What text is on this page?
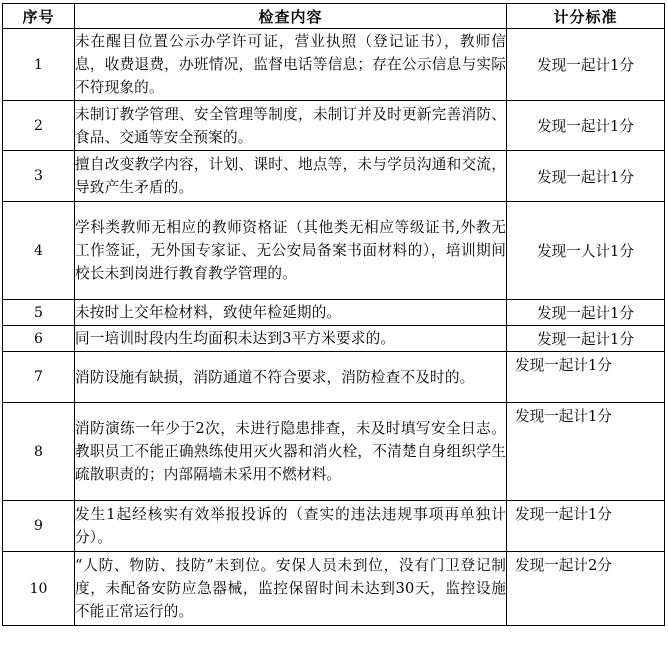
序号	检查内容	计分标准
1	未在醒目位置公示办学许可证，营业执照（登记证书），教师信息，收费退费，办班情况，监督电话等信息；存在公示信息与实际不符现象的。	发现一起计1分
2	未制订教学管理、安全管理等制度，未制订并及时更新完善消防、食品、交通等安全预案的。	发现一起计1分
3	擅自改变教学内容，计划、课时、地点等，未与学员沟通和交流，导致产生矛盾的。	发现一起计1分
4	学科类教师无相应的教师资格证（其他类无相应等级证书,外教无工作签证，无外国专家证、无公安局备案书面材料的），培训期间校长未到岗进行教育教学管理的。	发现一人计1分
5	未按时上交年检材料，致使年检延期的。	发现一起计1分
6	同一培训时段内生均面积未达到3平方米要求的。	发现一起计1分
7	消防设施有缺损，消防通道不符合要求，消防检查不及时的。	发现一起计1分
8	消防演练一年少于2次，未进行隐患排查，未及时填写安全日志。教职员工不能正确熟练使用灭火器和消火栓，不清楚自身组织学生疏散职责的；内部隔墙未采用不燃材料。	发现一起计1分
9	发生1起经核实有效举报投诉的（查实的违法违规事项再单独计分）。	发现一起计1分
10	“人防、物防、技防”未到位。安保人员未到位，没有门卫登记制度，未配备安防应急器械，监控保留时间未达到30天，监控设施不能正常运行的。	发现一起计2分
